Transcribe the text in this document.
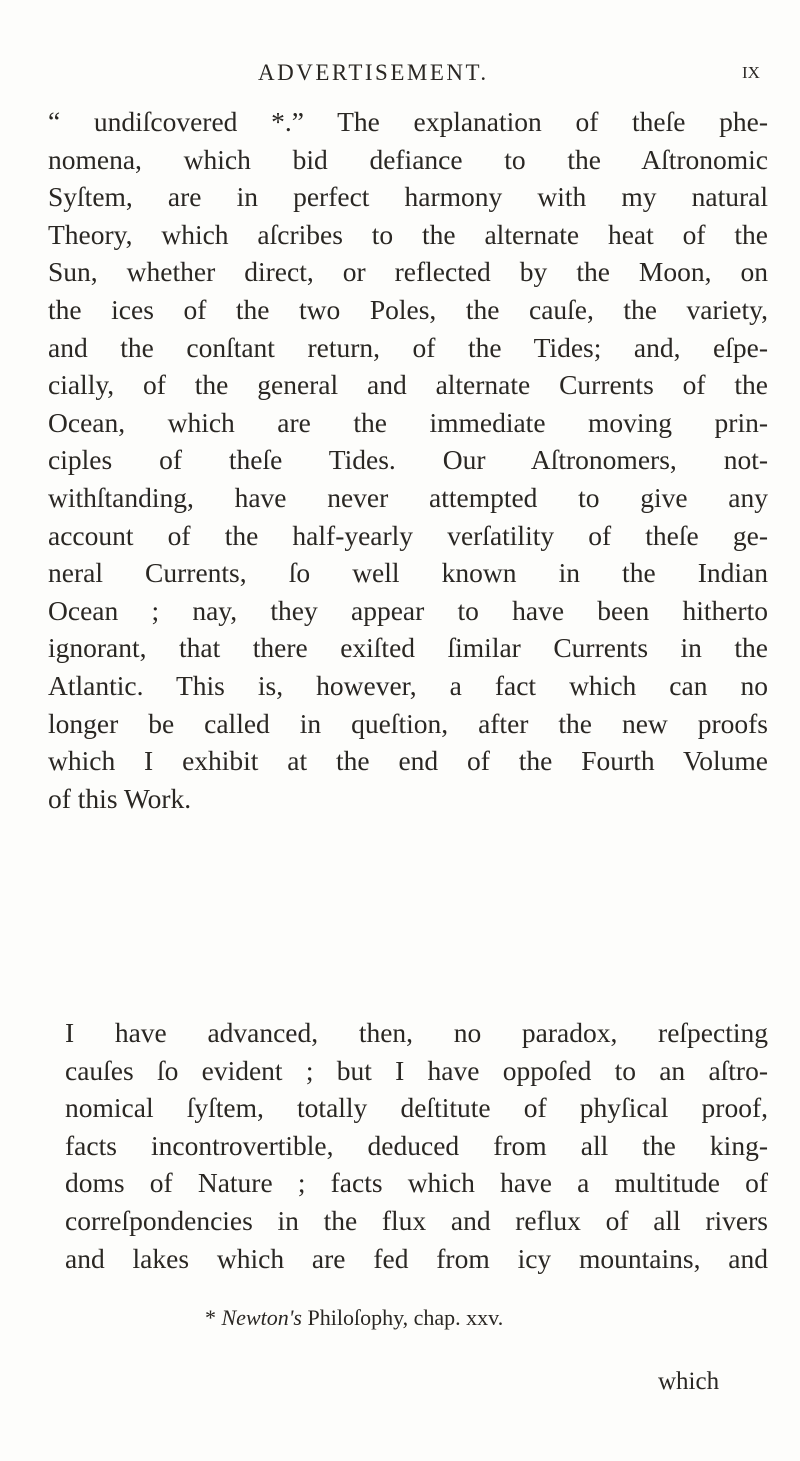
ADVERTISEMENT.	ix
“ undiſcovered *.” The explanation of theſe phe-
nomena, which bid defiance to the Aſtronomic
Syſtem, are in perfect harmony with my natural
Theory, which aſcribes to the alternate heat of the
Sun, whether direct, or reflected by the Moon, on
the ices of the two Poles, the cauſe, the variety,
and the conſtant return, of the Tides; and, eſpe-
cially, of the general and alternate Currents of the
Ocean, which are the immediate moving prin-
ciples of theſe Tides. Our Aſtronomers, not-
withſtanding, have never attempted to give any
account of the half-yearly verſatility of theſe ge-
neral Currents, ſo well known in the Indian
Ocean ; nay, they appear to have been hitherto
ignorant, that there exiſted ſimilar Currents in the
Atlantic. This is, however, a fact which can no
longer be called in queſtion, after the new proofs
which I exhibit at the end of the Fourth Volume
of this Work.
I have advanced, then, no paradox, reſpecting
cauſes ſo evident ; but I have oppoſed to an aſtro-
nomical ſyſtem, totally deſtitute of phyſical proof,
facts incontrovertible, deduced from all the king-
doms of Nature ; facts which have a multitude of
correſpondencies in the flux and reflux of all rivers
and lakes which are fed from icy mountains, and
* Newton's Philoſophy, chap. xxv.
which
